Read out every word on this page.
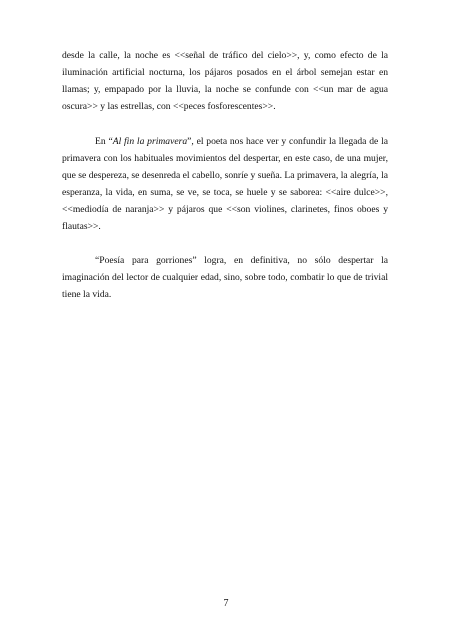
desde la calle, la noche es <<señal de tráfico del cielo>>, y, como efecto de la iluminación artificial nocturna, los pájaros posados en el árbol semejan estar en llamas; y, empapado por la lluvia, la noche se confunde con <<un mar de agua oscura>> y las estrellas, con <<peces fosforescentes>>.

En “Al fin la primavera”, el poeta nos hace ver y confundir la llegada de la primavera con los habituales movimientos del despertar, en este caso, de una mujer, que se despereza, se desenreda el cabello, sonríe y sueña. La primavera, la alegría, la esperanza, la vida, en suma, se ve, se toca, se huele y se saborea: <<aire dulce>>, <<mediodía de naranja>> y pájaros que <<son violines, clarinetes, finos oboes y flautas>>.

“Poesía para gorriones” logra, en definitiva, no sólo despertar la imaginación del lector de cualquier edad, sino, sobre todo, combatir lo que de trivial tiene la vida.

7
